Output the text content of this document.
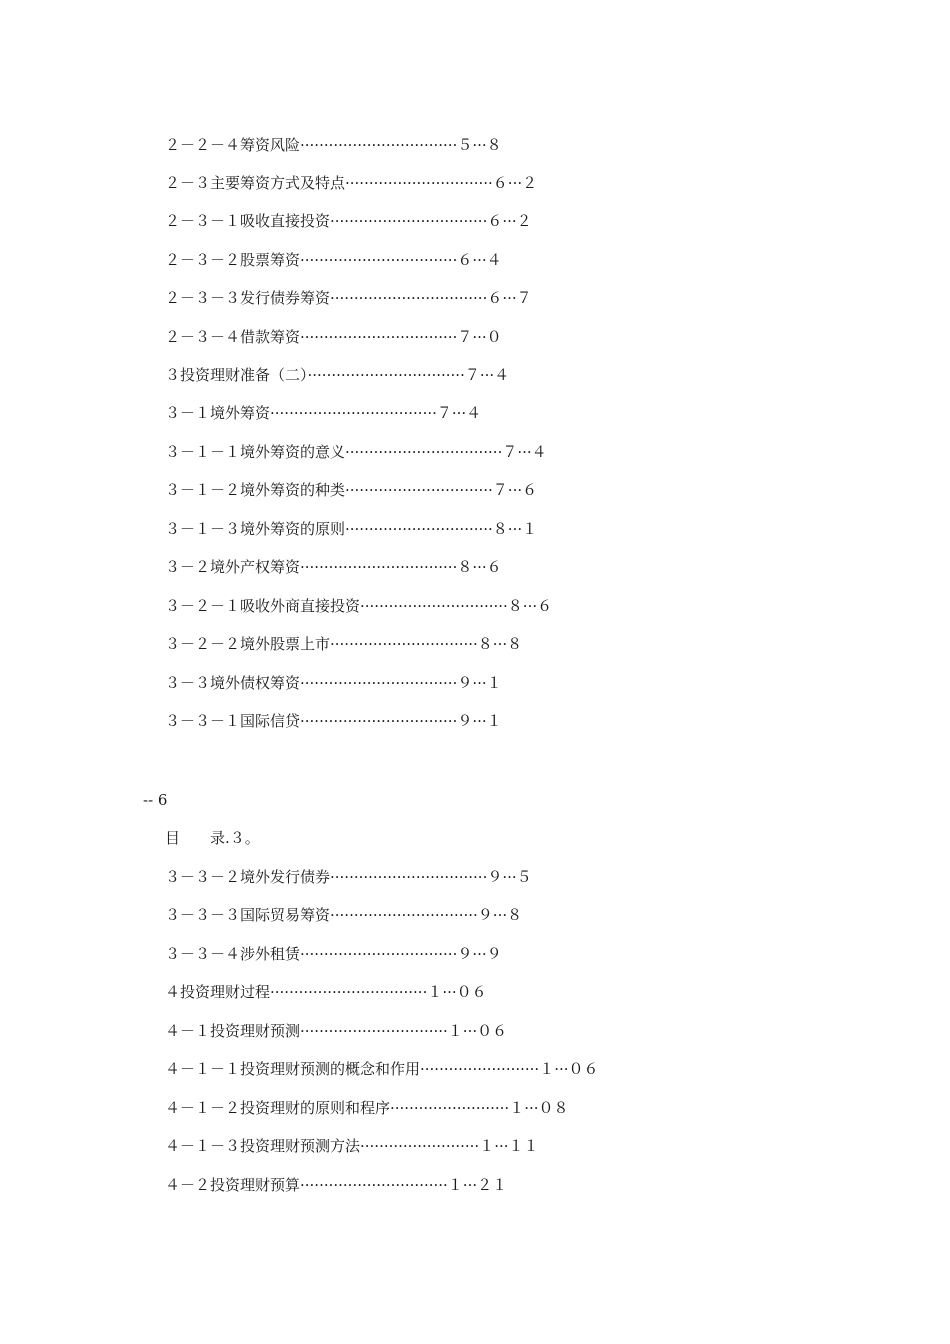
２－２－４筹资风险·································５···８
２－３主要筹资方式及特点·······························６···２
２－３－１吸收直接投资·································６···２
２－３－２股票筹资·································６···４
２－３－３发行债券筹资·································６···７
２－３－４借款筹资·································７···０
３投资理财准备（二）·································７···４
３－１境外筹资···································７···４
３－１－１境外筹资的意义·································７···４
３－１－２境外筹资的种类·······························７···６
３－１－３境外筹资的原则·······························８···１
３－２境外产权筹资·································８···６
３－２－１吸收外商直接投资·······························８···６
３－２－２境外股票上市·······························８···８
３－３境外债权筹资·································９···１
３－３－１国际信贷·································９···１
-- 6
目　　录.３。
３－３－２境外发行债券·································９···５
３－３－３国际贸易筹资·······························９···８
３－３－４涉外租赁·································９···９
４投资理财过程·································１···０６
４－１投资理财预测·······························１···０６
４－１－１投资理财预测的概念和作用·························１···０６
４－１－２投资理财的原则和程序·························１···０８
４－１－３投资理财预测方法·························１···１１
４－２投资理财预算·······························１···２１
